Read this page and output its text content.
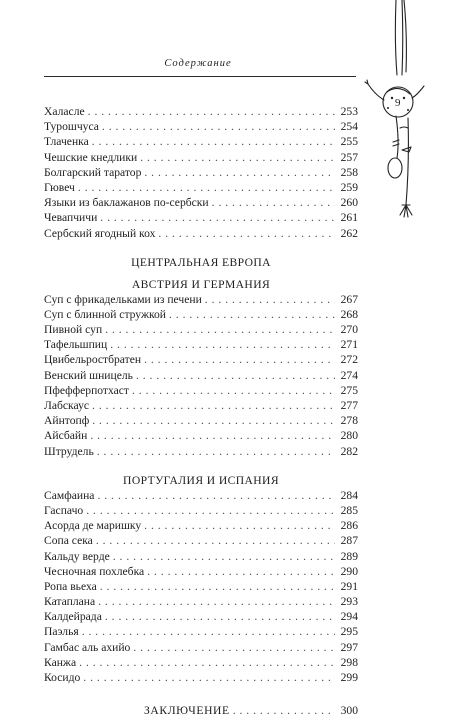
Содержание
9
Халасле . . .	253
Турошчуса . . .	254
Тлаченка . . .	255
Чешские кнедлики . . .	257
Болгарский таратор . . .	258
Гювеч . . .	259
Языки из баклажанов по-сербски . . .	260
Чевапчичи . . .	261
Сербский ягодный кох . . .	262
ЦЕНТРАЛЬНАЯ ЕВРОПА
АВСТРИЯ И ГЕРМАНИЯ
Суп с фрикадельками из печени . . .	267
Суп с блинной стружкой . . .	268
Пивной суп . . .	270
Тафельшпиц . . .	271
Цвибельростбратен . . .	272
Венский шницель . . .	274
Пфефферпотхаст . . .	275
Лабскаус . . .	277
Айнтопф . . .	278
Айсбайн . . .	280
Штрудель . . .	282
ПОРТУГАЛИЯ И ИСПАНИЯ
Самфаина . . .	284
Гаспачо . . .	285
Асорда де маришку . . .	286
Сопа сека . . .	287
Кальду верде . . .	289
Чесночная похлебка . . .	290
Ропа вьеха . . .	291
Катаплана . . .	293
Калдейрада . . .	294
Паэлья . . .	295
Гамбас аль ахийо . . .	297
Канжа . . .	298
Косидо . . .	299
ЗАКЛЮЧЕНИЕ . . .	300
